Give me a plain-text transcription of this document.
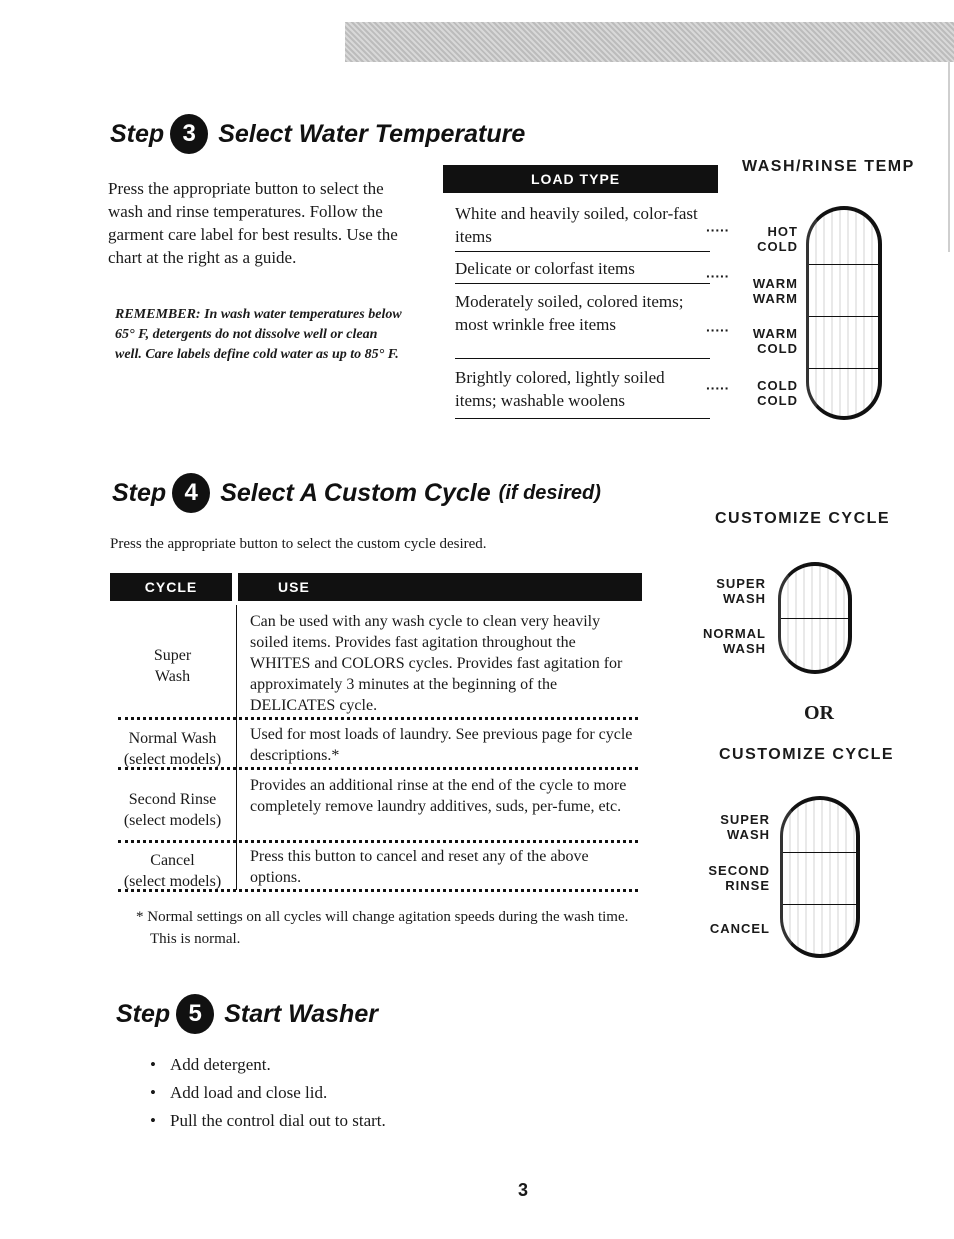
Step 3 Select Water Temperature
Press the appropriate button to select the wash and rinse temperatures. Follow the garment care label for best results. Use the chart at the right as a guide.
REMEMBER: In wash water temperatures below 65° F, detergents do not dissolve well or clean well. Care labels define cold water as up to 85° F.
LOAD TYPE
WASH/RINSE TEMP
White and heavily soiled, color-fast items
Delicate or colorfast items
Moderately soiled, colored items; most wrinkle free items
Brightly colored, lightly soiled items; washable woolens
·····
·····
·····
·····
HOT
COLD
WARM
WARM
WARM
COLD
COLD
COLD
Step 4 Select A Custom Cycle (if desired)
Press the appropriate button to select the custom cycle desired.
CYCLE	USE
Super Wash
Can be used with any wash cycle to clean very heavily soiled items. Provides fast agitation throughout the WHITES and COLORS cycles. Provides fast agitation for approximately 3 minutes at the beginning of the DELICATES cycle.
Normal Wash
(select models)
Used for most loads of laundry. See previous page for cycle descriptions.*
Second Rinse
(select models)
Provides an additional rinse at the end of the cycle to more completely remove laundry additives, suds, per-fume, etc.
Cancel
(select models)
Press this button to cancel and reset any of the above options.
* Normal settings on all cycles will change agitation speeds during the wash time. This is normal.
CUSTOMIZE CYCLE
SUPER
WASH
NORMAL
WASH
OR
CUSTOMIZE CYCLE
SUPER
WASH
SECOND
RINSE
CANCEL
Step 5 Start Washer
• Add detergent.
• Add load and close lid.
• Pull the control dial out to start.
3
